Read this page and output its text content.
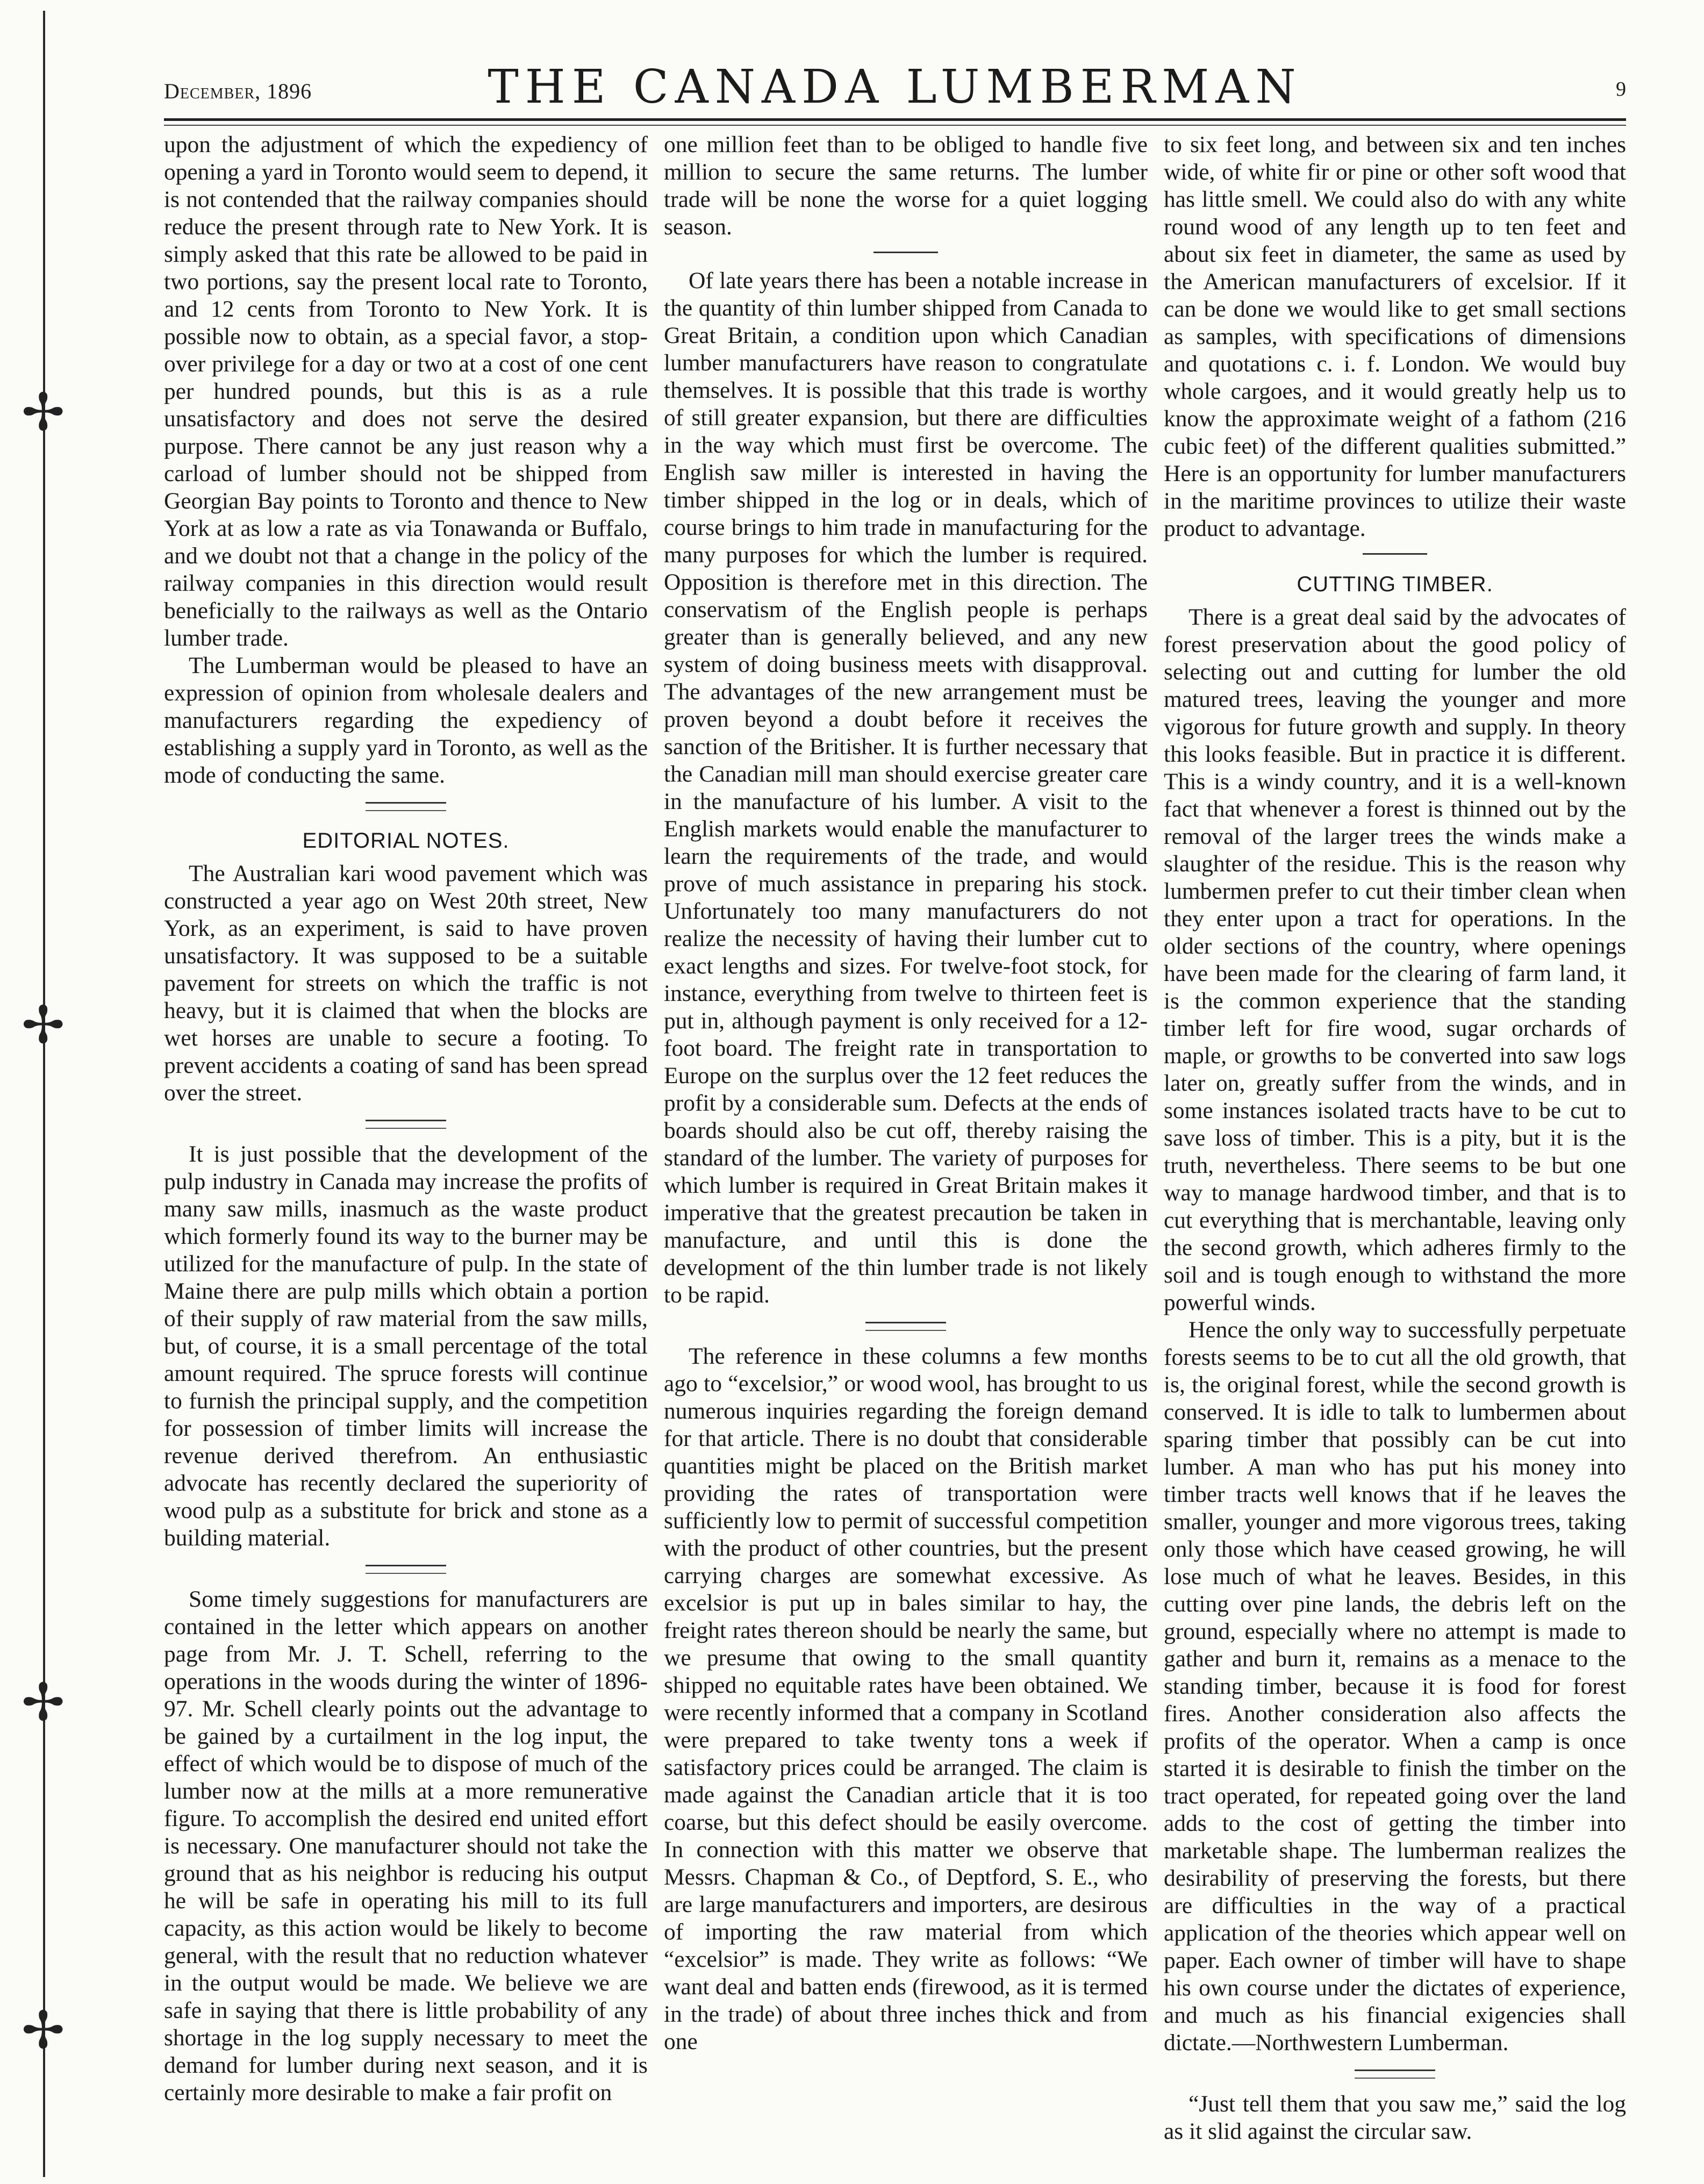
✢
✢
✢
✢
December, 1896	THE CANADA LUMBERMAN	9

upon the adjustment of which the expediency of opening a yard in Toronto would seem to depend, it is not contended that the railway companies should reduce the present through rate to New York. It is simply asked that this rate be allowed to be paid in two portions, say the present local rate to Toronto, and 12 cents from Toronto to New York. It is possible now to obtain, as a special favor, a stop-over privilege for a day or two at a cost of one cent per hundred pounds, but this is as a rule unsatisfactory and does not serve the desired purpose. There cannot be any just reason why a carload of lumber should not be shipped from Georgian Bay points to Toronto and thence to New York at as low a rate as via Tonawanda or Buffalo, and we doubt not that a change in the policy of the railway companies in this direction would result beneficially to the railways as well as the Ontario lumber trade.

The Lumberman would be pleased to have an expression of opinion from wholesale dealers and manufacturers regarding the expediency of establishing a supply yard in Toronto, as well as the mode of conducting the same.

EDITORIAL NOTES.

The Australian kari wood pavement which was constructed a year ago on West 20th street, New York, as an experiment, is said to have proven unsatisfactory. It was supposed to be a suitable pavement for streets on which the traffic is not heavy, but it is claimed that when the blocks are wet horses are unable to secure a footing. To prevent accidents a coating of sand has been spread over the street.

It is just possible that the development of the pulp industry in Canada may increase the profits of many saw mills, inasmuch as the waste product which formerly found its way to the burner may be utilized for the manufacture of pulp. In the state of Maine there are pulp mills which obtain a portion of their supply of raw material from the saw mills, but, of course, it is a small percentage of the total amount required. The spruce forests will continue to furnish the principal supply, and the competition for possession of timber limits will increase the revenue derived therefrom. An enthusiastic advocate has recently declared the superiority of wood pulp as a substitute for brick and stone as a building material.

Some timely suggestions for manufacturers are contained in the letter which appears on another page from Mr. J. T. Schell, referring to the operations in the woods during the winter of 1896-97. Mr. Schell clearly points out the advantage to be gained by a curtailment in the log input, the effect of which would be to dispose of much of the lumber now at the mills at a more remunerative figure. To accomplish the desired end united effort is necessary. One manufacturer should not take the ground that as his neighbor is reducing his output he will be safe in operating his mill to its full capacity, as this action would be likely to become general, with the result that no reduction whatever in the output would be made. We believe we are safe in saying that there is little probability of any shortage in the log supply necessary to meet the demand for lumber during next season, and it is certainly more desirable to make a fair profit on

one million feet than to be obliged to handle five million to secure the same returns. The lumber trade will be none the worse for a quiet logging season.

Of late years there has been a notable increase in the quantity of thin lumber shipped from Canada to Great Britain, a condition upon which Canadian lumber manufacturers have reason to congratulate themselves. It is possible that this trade is worthy of still greater expansion, but there are difficulties in the way which must first be overcome. The English saw miller is interested in having the timber shipped in the log or in deals, which of course brings to him trade in manufacturing for the many purposes for which the lumber is required. Opposition is therefore met in this direction. The conservatism of the English people is perhaps greater than is generally believed, and any new system of doing business meets with disapproval. The advantages of the new arrangement must be proven beyond a doubt before it receives the sanction of the Britisher. It is further necessary that the Canadian mill man should exercise greater care in the manufacture of his lumber. A visit to the English markets would enable the manufacturer to learn the requirements of the trade, and would prove of much assistance in preparing his stock. Unfortunately too many manufacturers do not realize the necessity of having their lumber cut to exact lengths and sizes. For twelve-foot stock, for instance, everything from twelve to thirteen feet is put in, although payment is only received for a 12-foot board. The freight rate in transportation to Europe on the surplus over the 12 feet reduces the profit by a considerable sum. Defects at the ends of boards should also be cut off, thereby raising the standard of the lumber. The variety of purposes for which lumber is required in Great Britain makes it imperative that the greatest precaution be taken in manufacture, and until this is done the development of the thin lumber trade is not likely to be rapid.

The reference in these columns a few months ago to “excelsior,” or wood wool, has brought to us numerous inquiries regarding the foreign demand for that article. There is no doubt that considerable quantities might be placed on the British market providing the rates of transportation were sufficiently low to permit of successful competition with the product of other countries, but the present carrying charges are somewhat excessive. As excelsior is put up in bales similar to hay, the freight rates thereon should be nearly the same, but we presume that owing to the small quantity shipped no equitable rates have been obtained. We were recently informed that a company in Scotland were prepared to take twenty tons a week if satisfactory prices could be arranged. The claim is made against the Canadian article that it is too coarse, but this defect should be easily overcome. In connection with this matter we observe that Messrs. Chapman & Co., of Deptford, S. E., who are large manufacturers and importers, are desirous of importing the raw material from which “excelsior” is made. They write as follows: “We want deal and batten ends (firewood, as it is termed in the trade) of about three inches thick and from one

to six feet long, and between six and ten inches wide, of white fir or pine or other soft wood that has little smell. We could also do with any white round wood of any length up to ten feet and about six feet in diameter, the same as used by the American manufacturers of excelsior. If it can be done we would like to get small sections as samples, with specifications of dimensions and quotations c. i. f. London. We would buy whole cargoes, and it would greatly help us to know the approximate weight of a fathom (216 cubic feet) of the different qualities submitted.” Here is an opportunity for lumber manufacturers in the maritime provinces to utilize their waste product to advantage.

CUTTING TIMBER.

There is a great deal said by the advocates of forest preservation about the good policy of selecting out and cutting for lumber the old matured trees, leaving the younger and more vigorous for future growth and supply. In theory this looks feasible. But in practice it is different. This is a windy country, and it is a well-known fact that whenever a forest is thinned out by the removal of the larger trees the winds make a slaughter of the residue. This is the reason why lumbermen prefer to cut their timber clean when they enter upon a tract for operations. In the older sections of the country, where openings have been made for the clearing of farm land, it is the common experience that the standing timber left for fire wood, sugar orchards of maple, or growths to be converted into saw logs later on, greatly suffer from the winds, and in some instances isolated tracts have to be cut to save loss of timber. This is a pity, but it is the truth, nevertheless. There seems to be but one way to manage hardwood timber, and that is to cut everything that is merchantable, leaving only the second growth, which adheres firmly to the soil and is tough enough to withstand the more powerful winds.

Hence the only way to successfully perpetuate forests seems to be to cut all the old growth, that is, the original forest, while the second growth is conserved. It is idle to talk to lumbermen about sparing timber that possibly can be cut into lumber. A man who has put his money into timber tracts well knows that if he leaves the smaller, younger and more vigorous trees, taking only those which have ceased growing, he will lose much of what he leaves. Besides, in this cutting over pine lands, the debris left on the ground, especially where no attempt is made to gather and burn it, remains as a menace to the standing timber, because it is food for forest fires. Another consideration also affects the profits of the operator. When a camp is once started it is desirable to finish the timber on the tract operated, for repeated going over the land adds to the cost of getting the timber into marketable shape. The lumberman realizes the desirability of preserving the forests, but there are difficulties in the way of a practical application of the theories which appear well on paper. Each owner of timber will have to shape his own course under the dictates of experience, and much as his financial exigencies shall dictate.—Northwestern Lumberman.

“Just tell them that you saw me,” said the log as it slid against the circular saw.
